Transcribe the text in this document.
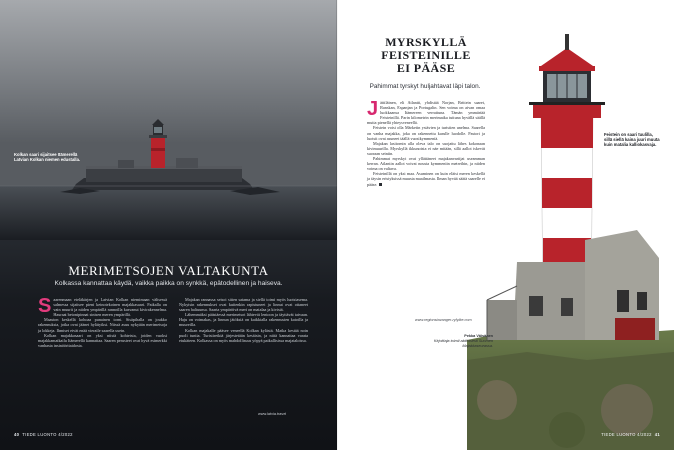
Kolkan saari sijaitsee Itämerellä Latvian Kolkan niemen edustalla.
MERIMETSOJEN VALTAKUNTA
Kolkassa kannattaa käydä, vaikka paikka on synkkä, epätodellinen ja haiseva.

Saarenmaan eteläkärjen ja Latvian Kolkan niemimaan välisessä salmessa sijaitsee pieni keinotekoinen majakkasaari. Paikalla on vain muurit ja niiden ympärillä rannoilla kasvanut kivirakennelma. Hauraat betonipinnat sinisen meren ympärillä.

Maaston keskellä kohoaa punainen torni. Sisäpihalla on joukko rakennuksia, jotka ovat jäänet hylätyiksi. Niissä asuu nykyään merimetsoja ja lokkeja. Ihmiset eivät enää vieraile saarella usein.

Kolkan majakkasaari on yksi niistä kohteista, joiden vuoksi majakkamatkailu Itämerellä kannattaa. Saaren perusteet ovat hyvä esimerkki vanhasta insinööritaidosta.

Majakan rannassa seisoi sitten satama ja siellä toimi myös luotsiasema. Nykyisin rakennukset ovat kuitenkin rapistuneet ja linnut ovat ottaneet saaren haltuunsa. Saarta ympäröivä meri on matalaa ja kivistä.

Lähemmäksi päästäessä merimetsot lähtevät lentoon ja täyttävät taivaan. Haju on voimakas, ja linnun jätöksiä on kaikkialla rakennusten katoilla ja muureilla.

Kolkan majakalle pääsee veneellä Kolkan kylästä. Matka kestää noin puoli tuntia. Turistiretkiä järjestetään kesäisin, ja niitä kannattaa varata etukäteen. Kolkassa on myös mahdollisuus yöpyä paikallisissa majataloissa.

www.latvia.travel
40 TIEDE LUONTO 4/2022
MYRSKYLLÄ
FEISTEINILLE
EI PÄÄSE
Pahimmat tyrskyt huljahtavat läpi talon.

Jättiläinen, eli Atlantti, yhdistää Norjan, Brittein saaret, Ranskan, Espanjan ja Portugalin. Sen voima on aivan omaa luokkaansa Itämereen verrattuna. Tämän ymmärtää Feisteinillä. Parin kilometrin merimatka tuttuna hyvällä säällä mutta pienellä yhteysveneellä.

Feistein voisi olla Märketin ystävien ja turistien unelma. Saarella on vanha majakka, joka on rakennettu karulle luodolle. Pastori ja luotsit ovat asuneet täällä vuosikymmeniä.

Majakan lasitornin alla oleva talo on suojattu lähes kokonaan kivimuurilla. Myrskyllä ikkunoista ei näe mitään, sillä aallot iskevät suoraan seiniin.

Pahimmat myrskyt ovat yllättäneet majakanvartijat useamman kerran. Atlantin aallot voivat nousta kymmeniin metreihin, ja niiden voima on valtava.

Feisteinillä on yksi maa. Asuminen on kuin eläisi meren keskellä ja täysin eristyksissä muusta maailmasta. Ilman hyvää säätä saarelle ei pääse.

www.regionstavanger-ryfylke.com
Pekka Väisänen
Kirjoittaja toimii aktiivisesti Suomen Majakkaseurassa.
Feistein on saari tuulilla, sillä siellä kaina juuri muuta kuin matalia kalliokasvaja.
TIEDE LUONTO 4/2022 41
